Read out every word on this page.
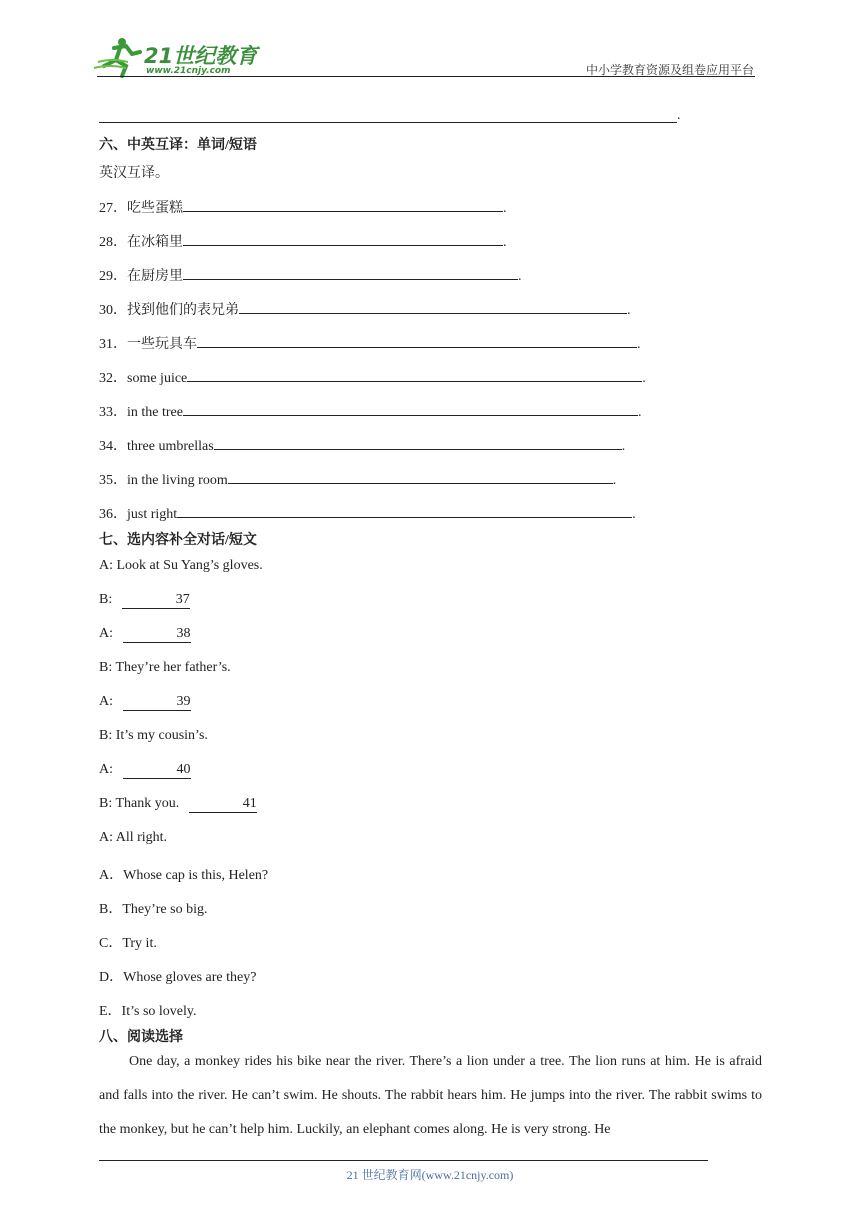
21世纪教育
www.21cnjy.com	中小学教育资源及组卷应用平台
.
六、中英互译：单词/短语
英汉互译。
27． 吃些蛋糕	.
28． 在冰箱里	.
29． 在厨房里	.
30． 找到他们的表兄弟	.
31． 一些玩具车	.
32． some juice	.
33． in the tree	.
34． three umbrellas	.
35． in the living room	.
36． just right	.
七、选内容补全对话/短文
A: Look at Su Yang’s gloves.
B:	37
A:	38
B: They’re her father’s.
A:	39
B: It’s my cousin’s.
A:	40
B: Thank you.	41
A: All right.
A．Whose cap is this, Helen?
B．They’re so big.
C．Try it.
D．Whose gloves are they?
E．It’s so lovely.
八、阅读选择
One day, a monkey rides his bike near the river. There’s a lion under a tree. The lion runs at him. He is afraid and falls into the river. He can’t swim. He shouts. The rabbit hears him. He jumps into the river. The rabbit swims to the monkey, but he can’t help him. Luckily, an elephant comes along. He is very strong. He
21 世纪教育网(www.21cnjy.com)
